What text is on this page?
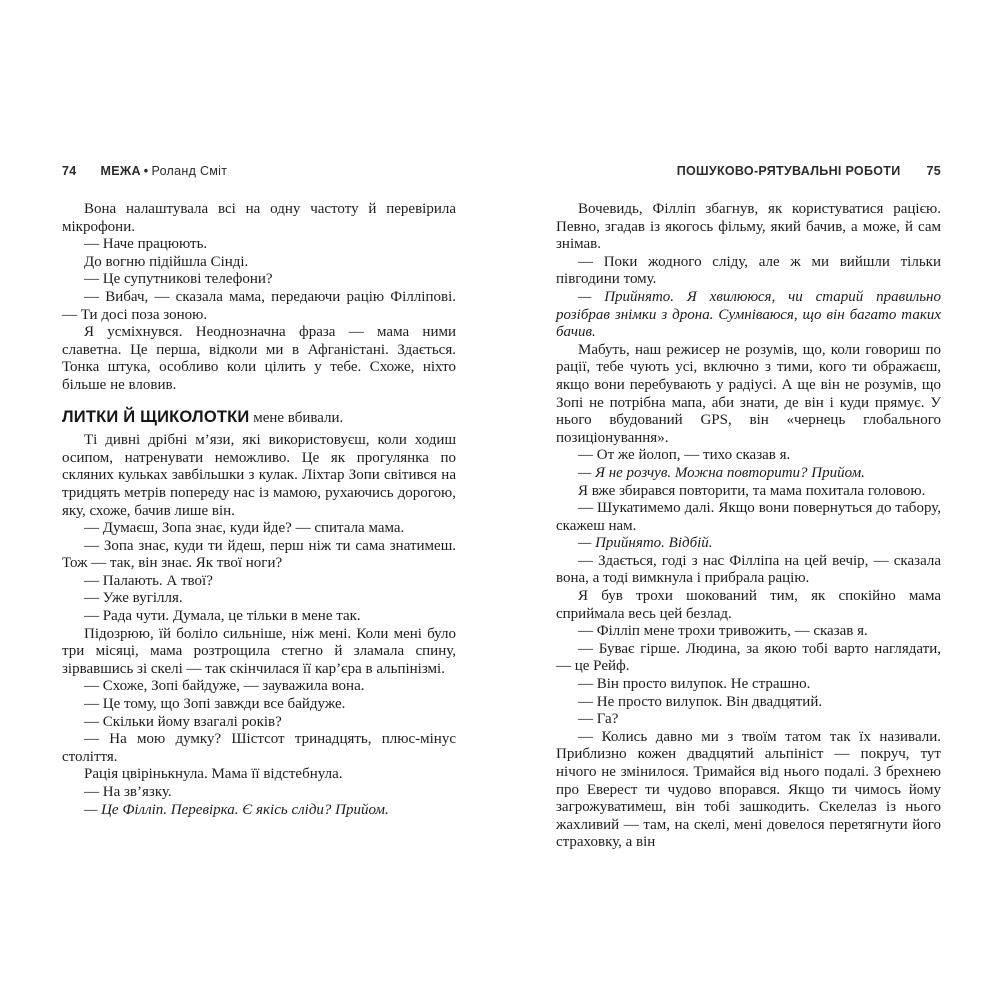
74 МЕЖА • Роланд Сміт

Вона налаштувала всі на одну частоту й перевірила мікрофони.

— Наче працюють.

До вогню підійшла Сінді.

— Це супутникові телефони?

— Вибач, — сказала мама, передаючи рацію Філліпові. — Ти досі поза зоною.

Я усміхнувся. Неоднозначна фраза — мама ними славетна. Це перша, відколи ми в Афганістані. Здається. Тонка штука, особливо коли цілить у тебе. Схоже, ніхто більше не вловив.

ЛИТКИ Й ЩИКОЛОТКИ мене вбивали.

Ті дивні дрібні м’язи, які використовуєш, коли ходиш осипом, натренувати неможливо. Це як прогулянка по скляних кульках завбільшки з кулак. Ліхтар Зопи світився на тридцять метрів попереду нас із мамою, рухаючись дорогою, яку, схоже, бачив лише він.

— Думаєш, Зопа знає, куди йде? — спитала мама.

— Зопа знає, куди ти йдеш, перш ніж ти сама знатимеш. Тож — так, він знає. Як твої ноги?

— Палають. А твої?

— Уже вугілля.

— Рада чути. Думала, це тільки в мене так.

Підозрюю, їй боліло сильніше, ніж мені. Коли мені було три місяці, мама розтрощила стегно й зламала спину, зірвавшись зі скелі — так скінчилася її кар’єра в альпінізмі.

— Схоже, Зопі байдуже, — зауважила вона.

— Це тому, що Зопі завжди все байдуже.

— Скільки йому взагалі років?

— На мою думку? Шістсот тринадцять, плюс-мінус століття.

Рація цвірінькнула. Мама її відстебнула.

— На зв’язку.

— Це Філліп. Перевірка. Є якісь сліди? Прийом.

ПОШУКОВО-РЯТУВАЛЬНІ РОБОТИ 75

Вочевидь, Філліп збагнув, як користуватися рацією. Певно, згадав із якогось фільму, який бачив, а може, й сам знімав.

— Поки жодного сліду, але ж ми вийшли тільки півгодини тому.

— Прийнято. Я хвилююся, чи старий правильно розібрав знімки з дрона. Сумніваюся, що він багато таких бачив.

Мабуть, наш режисер не розумів, що, коли говориш по рації, тебе чують усі, включно з тими, кого ти ображаєш, якщо вони перебувають у радіусі. А ще він не розумів, що Зопі не потрібна мапа, аби знати, де він і куди прямує. У нього вбудований GPS, він «чернець глобального позиціонування».

— От же йолоп, — тихо сказав я.

— Я не розчув. Можна повторити? Прийом.

Я вже збирався повторити, та мама похитала головою.

— Шукатимемо далі. Якщо вони повернуться до табору, скажеш нам.

— Прийнято. Відбій.

— Здається, годі з нас Філліпа на цей вечір, — сказала вона, а тоді вимкнула і прибрала рацію.

Я був трохи шокований тим, як спокійно мама сприймала весь цей безлад.

— Філліп мене трохи тривожить, — сказав я.

— Буває гірше. Людина, за якою тобі варто наглядати, — це Рейф.

— Він просто вилупок. Не страшно.

— Не просто вилупок. Він двадцятий.

— Га?

— Колись давно ми з твоїм татом так їх називали. Приблизно кожен двадцятий альпініст — покруч, тут нічого не змінилося. Тримайся від нього подалі. З брехнею про Еверест ти чудово впорався. Якщо ти чимось йому загрожуватимеш, він тобі зашкодить. Скелелаз із нього жахливий — там, на скелі, мені довелося перетягнути його страховку, а він
